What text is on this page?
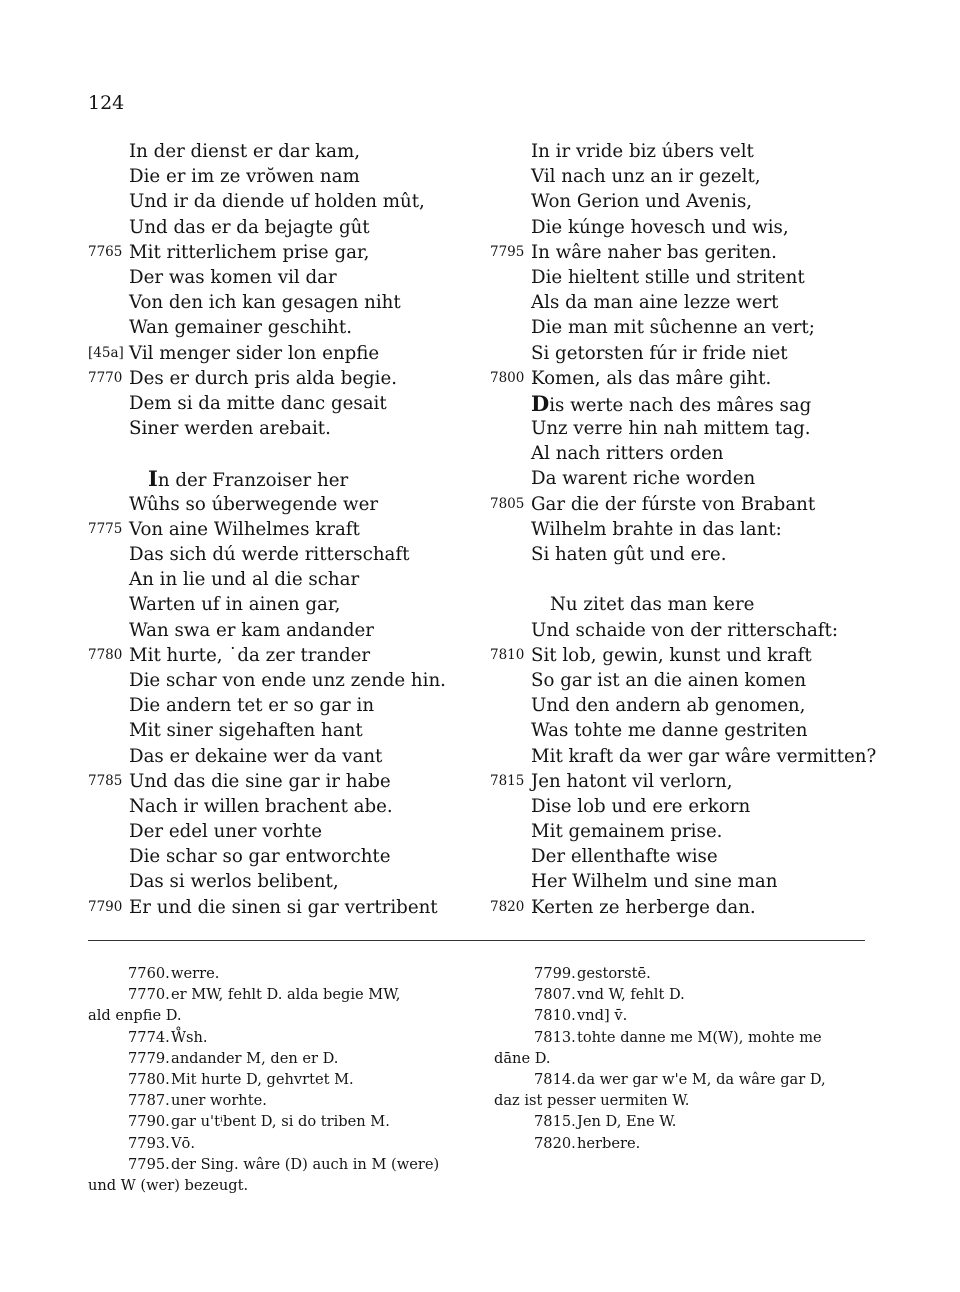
124
In der dienst er dar kam,
Die er im ze vrŏwen nam
Und ir da diende uf holden mût,
Und das er da bejagte gût
7765 Mit ritterlichem prise gar,
Der was komen vil dar
Von den ich kan gesagen niht
Wan gemainer geschiht.
[45a] Vil menger sider lon enpfie
7770 Des er durch pris alda begie.
Dem si da mitte danc gesait
Siner werden arebait.
In der Franzoiser her
Wûhs so úberwegende wer
7775 Von aine Wilhelmes kraft
Das sich dú werde ritterschaft
An in lie und al die schar
Warten uf in ainen gar,
Wan swa er kam andander
7780 Mit hurte, ˙da zer trander
Die schar von ende unz zende hin.
Die andern tet er so gar in
Mit siner sigehaften hant
Das er dekaine wer da vant
7785 Und das die sine gar ir habe
Nach ir willen brachent abe.
Der edel uner vorhte
Die schar so gar entworchte
Das si werlos belibent,
7790 Er und die sinen si gar vertribent
In ir vride biz úbers velt
Vil nach unz an ir gezelt,
Won Gerion und Avenis,
Die kúnge hovesch und wis,
7795 In wâre naher bas geriten.
Die hieltent stille und stritent
Als da man aine lezze wert
Die man mit sûchenne an vert;
Si getorsten fúr ir fride niet
7800 Komen, als das mâre giht.
Dis werte nach des mâres sag
Unz verre hin nah mittem tag.
Al nach ritters orden
Da warent riche worden
7805 Gar die der fúrste von Brabant
Wilhelm brahte in das lant:
Si haten gût und ere.
Nu zitet das man kere
Und schaide von der ritterschaft:
7810 Sit lob, gewin, kunst und kraft
So gar ist an die ainen komen
Und den andern ab genomen,
Was tohte me danne gestriten
Mit kraft da wer gar wâre vermitten?
7815 Jen hatont vil verlorn,
Dise lob und ere erkorn
Mit gemainem prise.
Der ellenthafte wise
Her Wilhelm und sine man
7820 Kerten ze herberge dan.
7760.werre.
7770.er MW, fehlt D. alda begie MW,
ald enpfie D.
7774.W̊sh.
7779.andander M, den er D.
7780.Mit hurte D, gehvrtet M.
7787.uner worhte.
7790.gar u'tⁱbent D, si do triben M.
7793.Vō.
7795.der Sing. wâre (D) auch in M (were)
und W (wer) bezeugt.
7799.gestorstē.
7807.vnd W, fehlt D.
7810.vnd] v̄.
7813.tohte danne me M(W), mohte me
dāne D.
7814.da wer gar w'e M, da wâre gar D,
daz ist pesser uermiten W.
7815.Jen D, Ene W.
7820.herbere.
